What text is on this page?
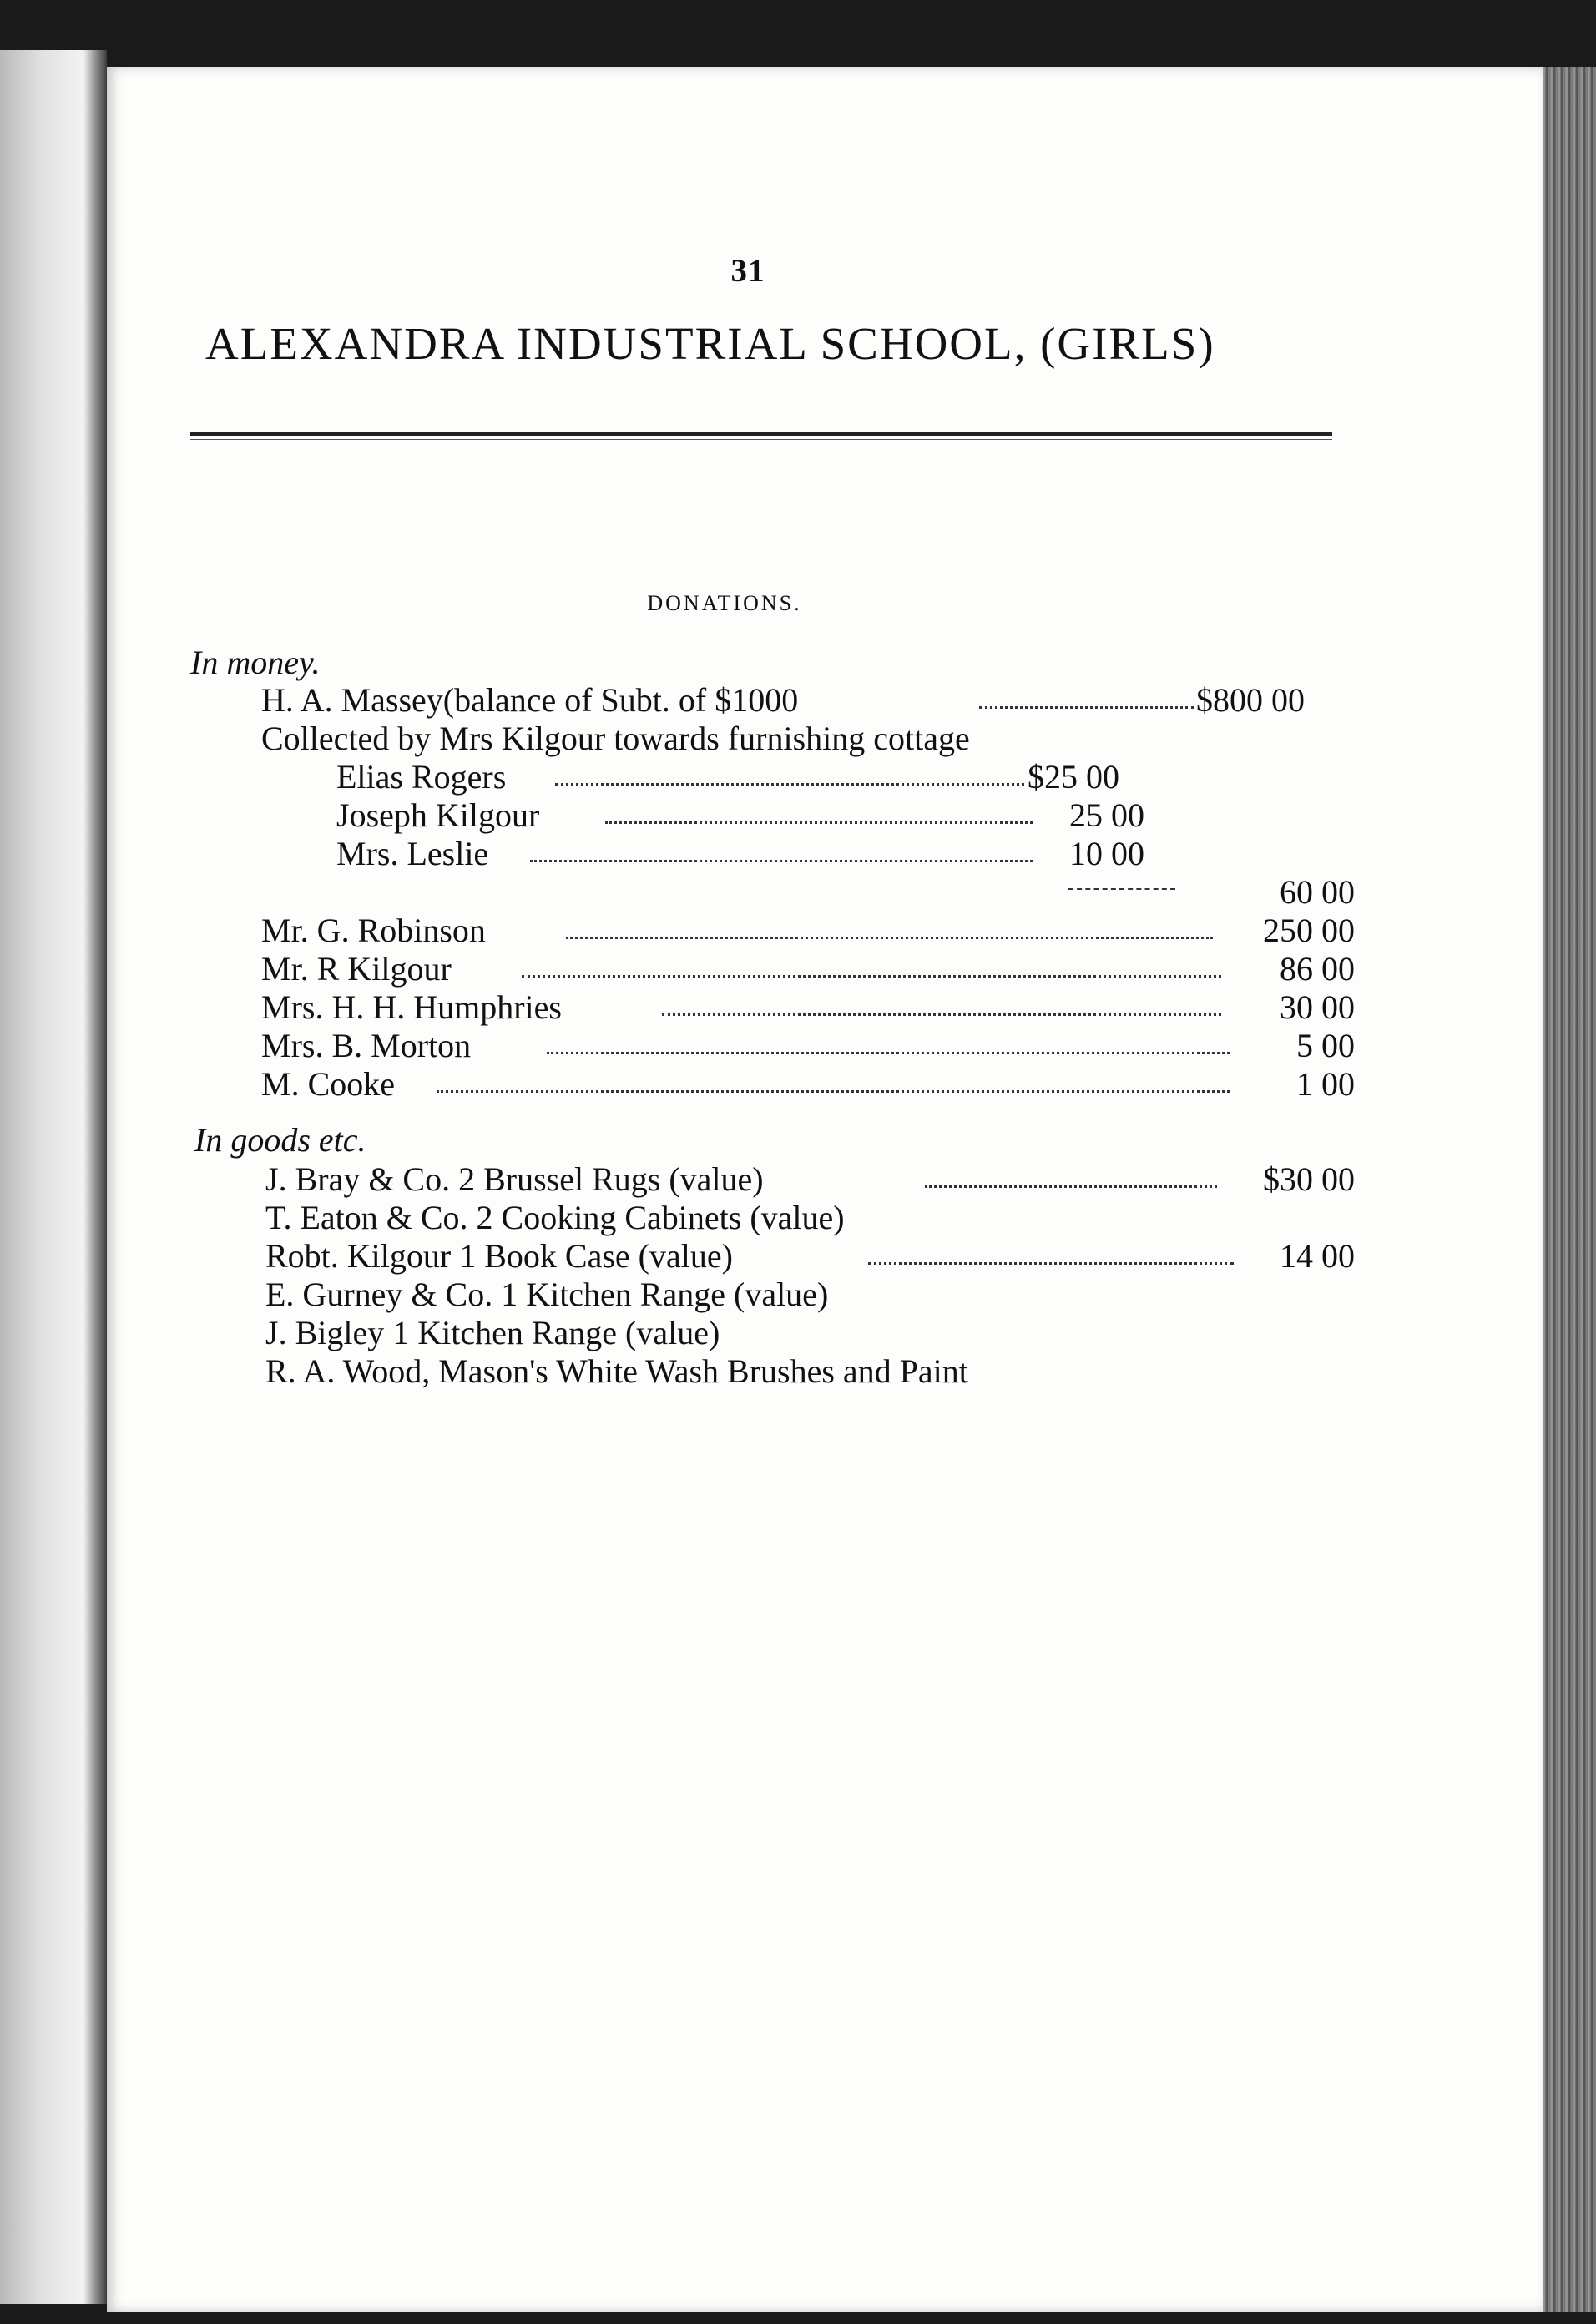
31
ALEXANDRA INDUSTRIAL SCHOOL, (GIRLS)
DONATIONS.

In money.

H. A. Massey(balance of Subt. of $1000	$800 00
Collected by Mrs Kilgour towards furnishing cottage
Elias Rogers	$25 00
Joseph Kilgour	25 00
Mrs. Leslie	10 00
60 00
Mr. G. Robinson	250 00
Mr. R Kilgour	86 00
Mrs. H. H. Humphries	30 00
Mrs. B. Morton	5 00
M. Cooke	1 00

In goods etc.

J. Bray & Co. 2 Brussel Rugs (value)	$30 00
T. Eaton & Co. 2 Cooking Cabinets (value)
Robt. Kilgour 1 Book Case (value)	14 00
E. Gurney & Co. 1 Kitchen Range (value)
J. Bigley 1 Kitchen Range (value)
R. A. Wood, Mason's White Wash Brushes and Paint
